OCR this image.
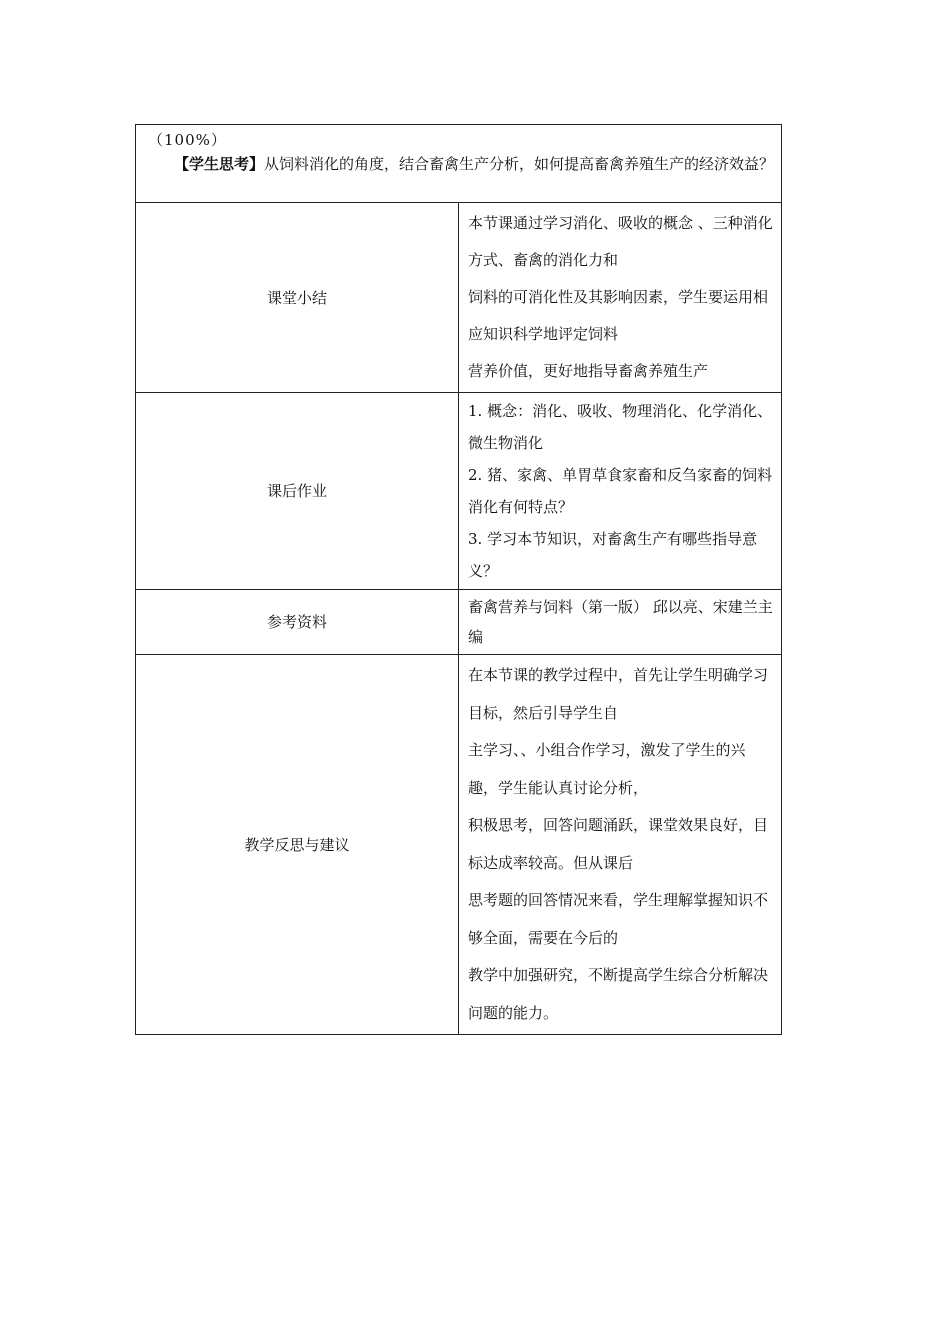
（100%）
【学生思考】从饲料消化的角度，结合畜禽生产分析，如何提高畜禽养殖生产的经济效益？	

课堂小结	本节课通过学习消化、吸收的概念 、三种消化方式、畜禽的消化力和

饲料的可消化性及其影响因素，学生要运用相应知识科学地评定饲料

营养价值，更好地指导畜禽养殖生产

课后作业	1. 概念：消化、吸收、物理消化、化学消化、微生物消化
2. 猪、家禽、单胃草食家畜和反刍家畜的饲料消化有何特点？
3. 学习本节知识，对畜禽生产有哪些指导意义？

参考资料	畜禽营养与饲料（第一版） 邱以亮、宋建兰主编

教学反思与建议	在本节课的教学过程中，首先让学生明确学习目标，然后引导学生自
主学习、、小组合作学习，激发了学生的兴趣，学生能认真讨论分析，
积极思考，回答问题涌跃，课堂效果良好，目标达成率较高。但从课后
思考题的回答情况来看，学生理解掌握知识不够全面，需要在今后的
教学中加强研究，不断提高学生综合分析解决问题的能力。
